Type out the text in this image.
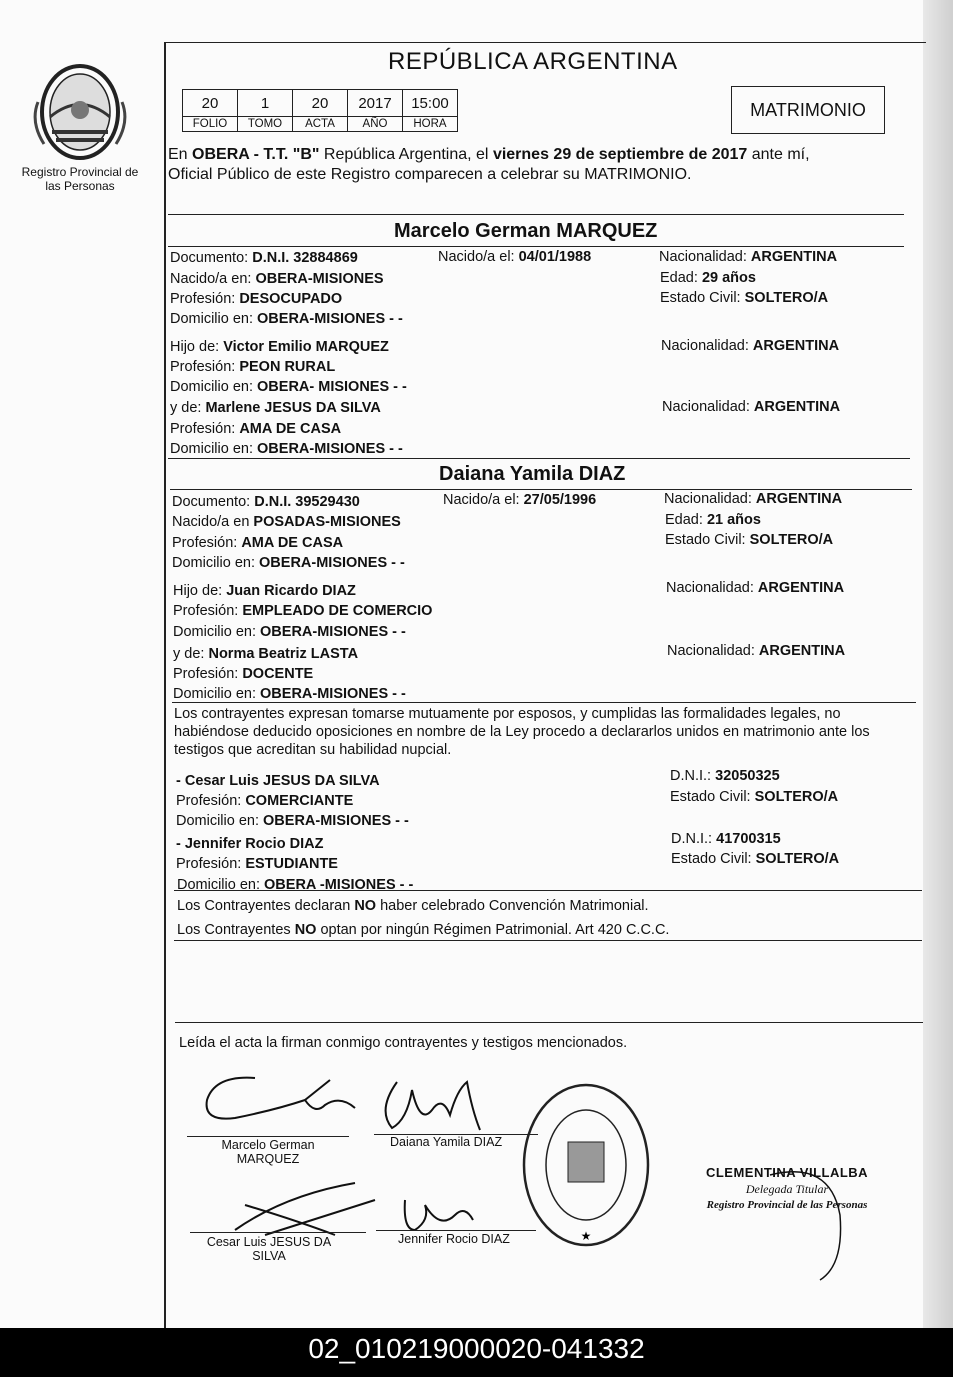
Registro Provincial de las Personas
REPÚBLICA ARGENTINA
20	1	20	2017	15:00
FOLIO	TOMO	ACTA	AÑO	HORA
MATRIMONIO
En OBERA - T.T. "B" República Argentina, el viernes 29 de septiembre de 2017 ante mí,
Oficial Público de este Registro comparecen a celebrar su MATRIMONIO.
Marcelo German MARQUEZ
Documento: D.N.I. 32884869	Nacido/a el: 04/01/1988	Nacionalidad: ARGENTINA
Nacido/a en: OBERA-MISIONES	Edad: 29 años
Profesión: DESOCUPADO	Estado Civil: SOLTERO/A
Domicilio en: OBERA-MISIONES - -
Hijo de: Victor Emilio MARQUEZ	Nacionalidad: ARGENTINA
Profesión: PEON RURAL
Domicilio en: OBERA- MISIONES - -
y de: Marlene JESUS DA SILVA	Nacionalidad: ARGENTINA
Profesión: AMA DE CASA
Domicilio en: OBERA-MISIONES - -
Daiana Yamila DIAZ
Documento: D.N.I. 39529430	Nacido/a el: 27/05/1996	Nacionalidad: ARGENTINA
Nacido/a en POSADAS-MISIONES	Edad: 21 años
Profesión: AMA DE CASA	Estado Civil: SOLTERO/A
Domicilio en: OBERA-MISIONES - -
Hijo de: Juan Ricardo DIAZ	Nacionalidad: ARGENTINA
Profesión: EMPLEADO DE COMERCIO
Domicilio en: OBERA-MISIONES - -
y de: Norma Beatriz LASTA	Nacionalidad: ARGENTINA
Profesión: DOCENTE
Domicilio en: OBERA-MISIONES - -
Los contrayentes expresan tomarse mutuamente por esposos, y cumplidas las formalidades legales, no habiéndose deducido oposiciones en nombre de la Ley procedo a declararlos unidos en matrimonio ante los testigos que acreditan su habilidad nupcial.
- Cesar Luis JESUS DA SILVA	D.N.I.: 32050325
Profesión: COMERCIANTE	Estado Civil: SOLTERO/A
Domicilio en: OBERA-MISIONES - -
- Jennifer Rocio DIAZ	D.N.I.: 41700315
Profesión: ESTUDIANTE	Estado Civil: SOLTERO/A
Domicilio en: OBERA -MISIONES - -
Los Contrayentes declaran NO haber celebrado Convención Matrimonial.
Los Contrayentes NO optan por ningún Régimen Patrimonial. Art 420 C.C.C.
Leída el acta la firman conmigo contrayentes y testigos mencionados.
Marcelo German
MARQUEZ
Daiana Yamila DIAZ
Cesar Luis JESUS DA
SILVA
Jennifer Rocio DIAZ	★
CLEMENTINA VILLALBA
Delegada Titular
Registro Provincial de las Personas
02_010219000020-041332
